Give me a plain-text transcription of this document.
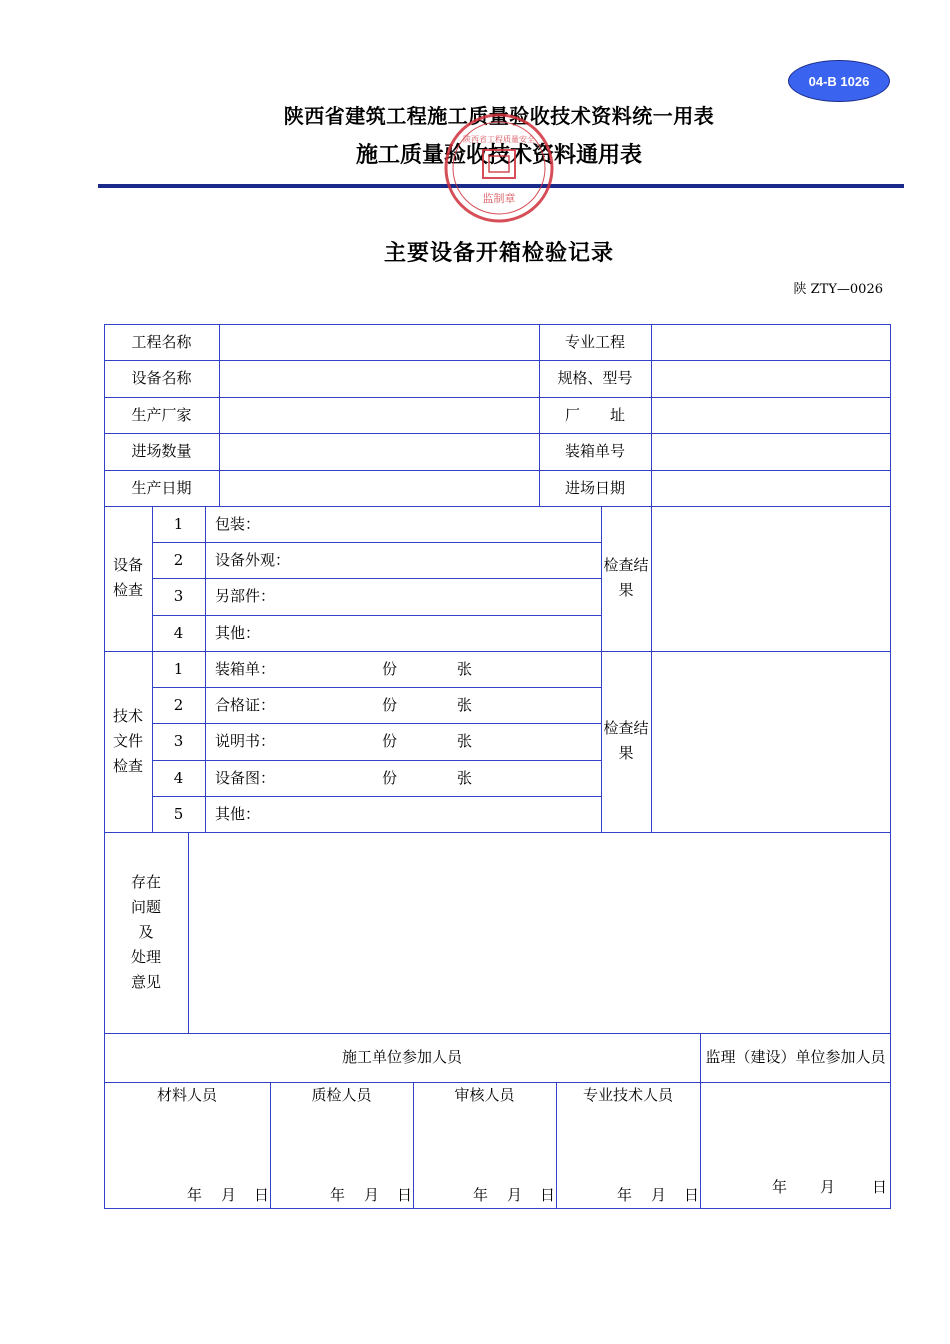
04-B 1026
陕西省建筑工程施工质量验收技术资料统一用表
施工质量验收技术资料通用表
陕西省工程质量安全
监制章
主要设备开箱检验记录
陕 ZTY—0026
工程名称	专业工程
设备名称	规格、型号
生产厂家	厂　　址
进场数量	装箱单号
生产日期	进场日期
设备
检查
1	包装：
2	设备外观：
3	另部件：
4	其他：
检查结
果
技术
文件
检查
1	装箱单：	份	张
2	合格证：	份	张
3	说明书：	份	张
4	设备图：	份	张
5	其他：
检查结
果
存在
问题
及
处理
意见
施工单位参加人员	监理（建设）单位参加人员
材料人员	质检人员	审核人员	专业技术人员
年 月 日	年 月 日	年 月 日	年 月 日	年 月 日
